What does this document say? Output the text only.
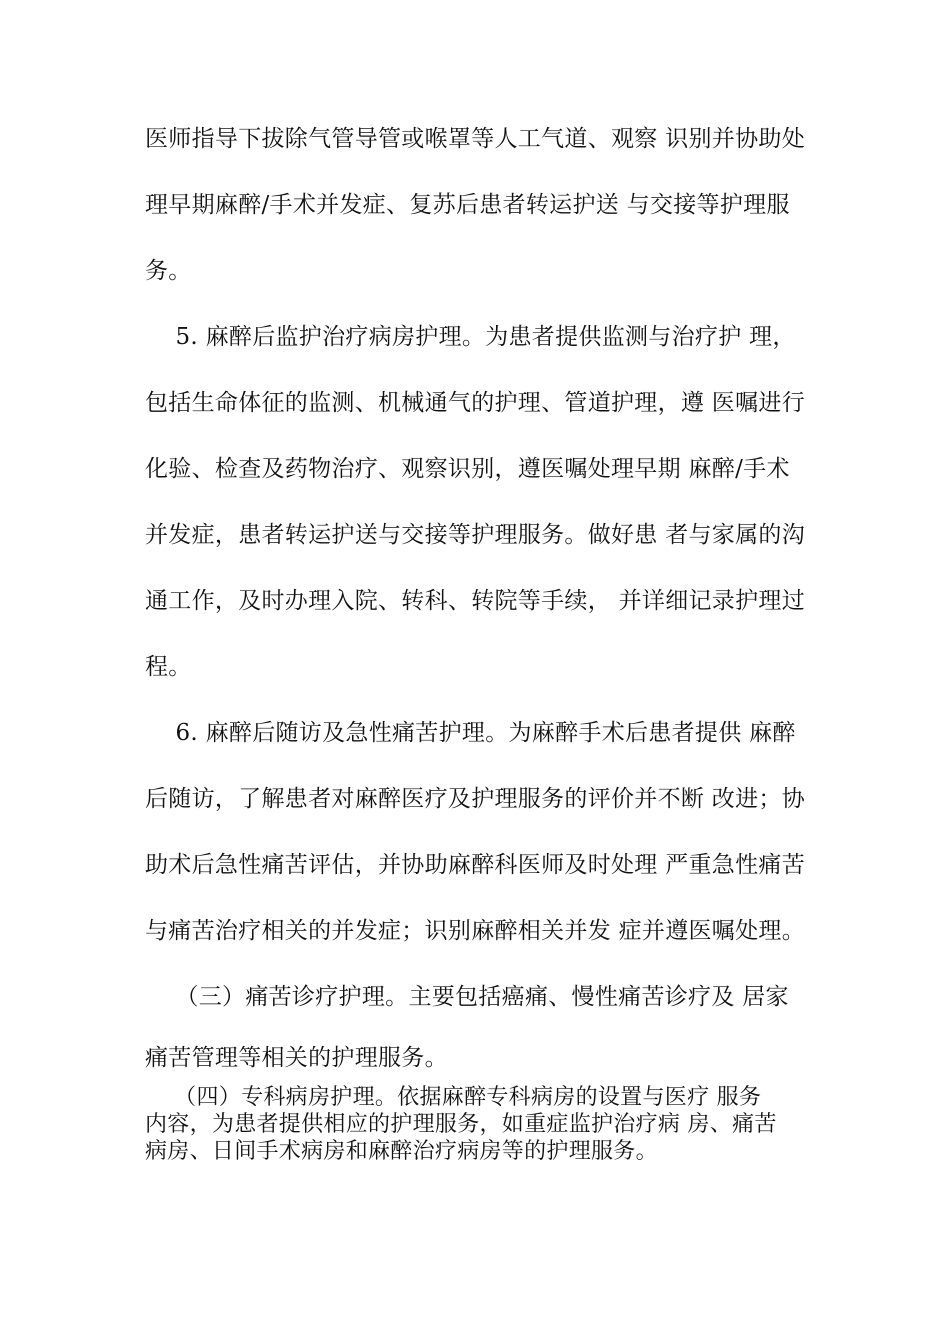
医师指导下拔除气管导管或喉罩等人工气道、观察 识别并协助处
理早期麻醉/手术并发症、复苏后患者转运护送 与交接等护理服
务。
5. 麻醉后监护治疗病房护理。为患者提供监测与治疗护 理，
包括生命体征的监测、机械通气的护理、管道护理，遵 医嘱进行
化验、检查及药物治疗、观察识别，遵医嘱处理早期 麻醉/手术
并发症，患者转运护送与交接等护理服务。做好患 者与家属的沟
通工作，及时办理入院、转科、转院等手续， 并详细记录护理过
程。
6. 麻醉后随访及急性痛苦护理。为麻醉手术后患者提供 麻醉
后随访，了解患者对麻醉医疗及护理服务的评价并不断 改进；协
助术后急性痛苦评估，并协助麻醉科医师及时处理 严重急性痛苦
与痛苦治疗相关的并发症；识别麻醉相关并发 症并遵医嘱处理。
（三）痛苦诊疗护理。主要包括癌痛、慢性痛苦诊疗及 居家
痛苦管理等相关的护理服务。
（四）专科病房护理。依据麻醉专科病房的设置与医疗 服务
内容，为患者提供相应的护理服务，如重症监护治疗病 房、痛苦
病房、日间手术病房和麻醉治疗病房等的护理服务。
